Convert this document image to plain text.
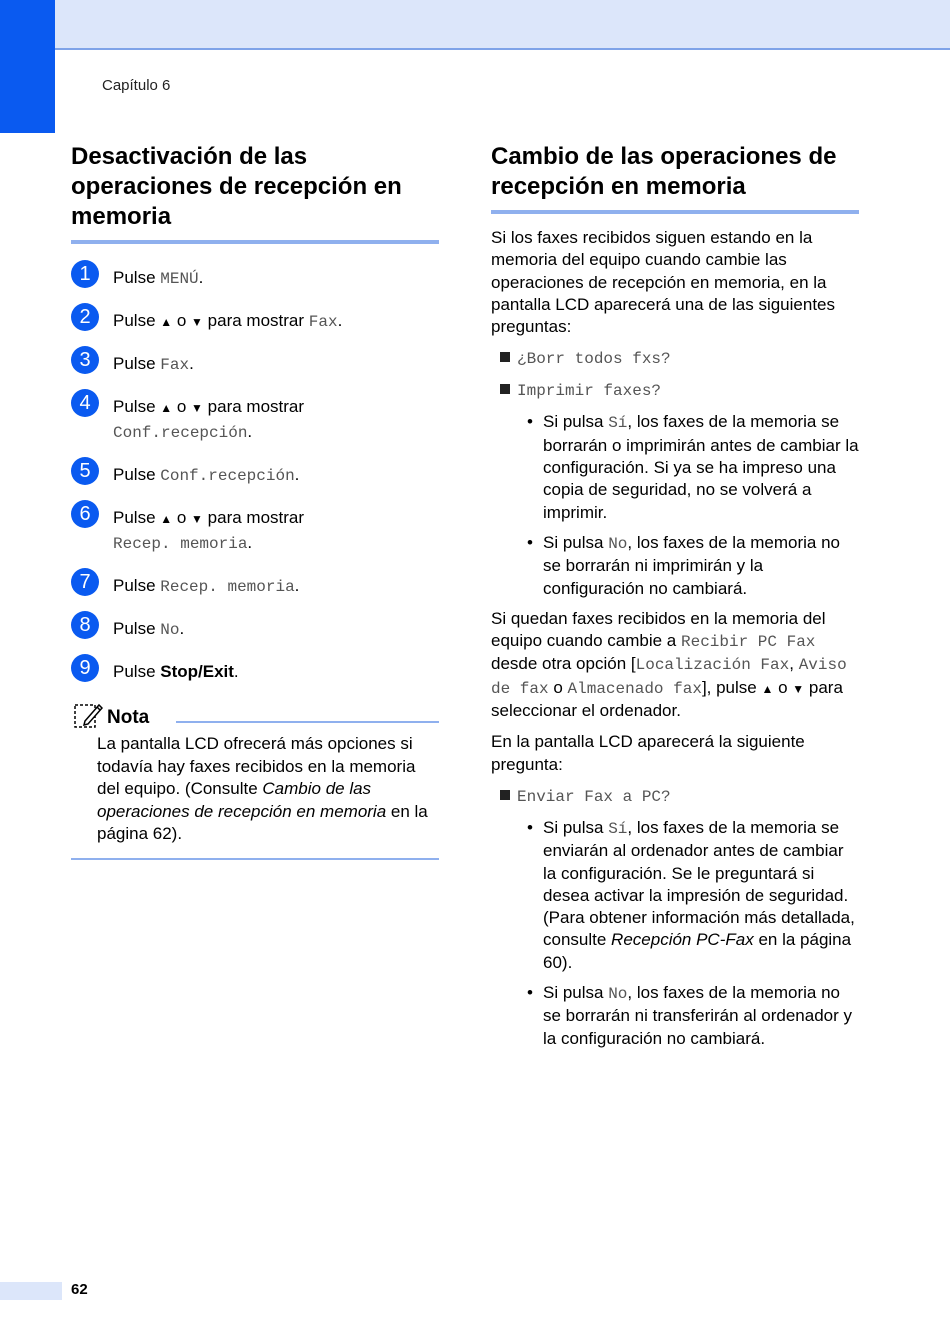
Capítulo 6
Desactivación de las operaciones de recepción en memoria
1	Pulse MENÚ.
2	Pulse ▲ o ▼ para mostrar Fax.
3	Pulse Fax.
4	Pulse ▲ o ▼ para mostrar
Conf.recepción.
5	Pulse Conf.recepción.
6	Pulse ▲ o ▼ para mostrar
Recep. memoria.
7	Pulse Recep. memoria.
8	Pulse No.
9	Pulse Stop/Exit.
Nota
La pantalla LCD ofrecerá más opciones si todavía hay faxes recibidos en la memoria del equipo. (Consulte Cambio de las operaciones de recepción en memoria en la página 62).
Cambio de las operaciones de recepción en memoria

Si los faxes recibidos siguen estando en la memoria del equipo cuando cambie las operaciones de recepción en memoria, en la pantalla LCD aparecerá una de las siguientes preguntas:

¿Borr todos fxs?
Imprimir faxes?
• Si pulsa Sí, los faxes de la memoria se borrarán o imprimirán antes de cambiar la configuración. Si ya se ha impreso una copia de seguridad, no se volverá a imprimir.
• Si pulsa No, los faxes de la memoria no se borrarán ni imprimirán y la configuración no cambiará.

Si quedan faxes recibidos en la memoria del equipo cuando cambie a Recibir PC Fax desde otra opción [Localización Fax, Aviso de fax o Almacenado fax], pulse ▲ o ▼ para seleccionar el ordenador.

En la pantalla LCD aparecerá la siguiente pregunta:

Enviar Fax a PC?
• Si pulsa Sí, los faxes de la memoria se enviarán al ordenador antes de cambiar la configuración. Se le preguntará si desea activar la impresión de seguridad. (Para obtener información más detallada, consulte Recepción PC-Fax en la página 60).
• Si pulsa No, los faxes de la memoria no se borrarán ni transferirán al ordenador y la configuración no cambiará.
62
